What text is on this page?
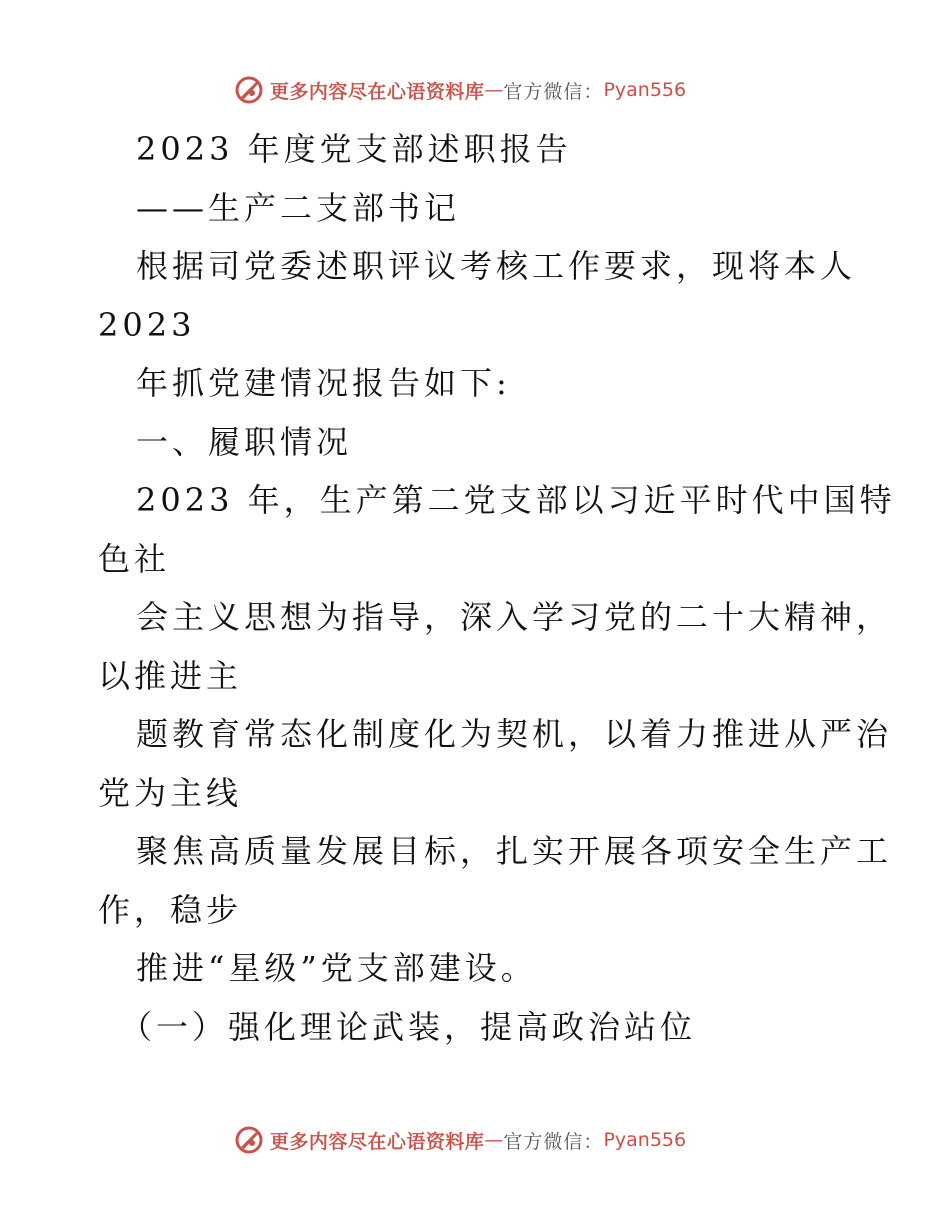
更多内容尽在心语资料库 — 官方微信： Pyan556
2023 年度党支部述职报告
——生产二支部书记
根据司党委述职评议考核工作要求，现将本人
2023
年抓党建情况报告如下:
一、履职情况
2023 年，生产第二党支部以习近平时代中国特
色社
会主义思想为指导，深入学习党的二十大精神，
以推进主
题教育常态化制度化为契机，以着力推进从严治
党为主线
聚焦高质量发展目标，扎实开展各项安全生产工
作，稳步
推进“星级”党支部建设。
（一）强化理论武装，提高政治站位
更多内容尽在心语资料库 — 官方微信： Pyan556
